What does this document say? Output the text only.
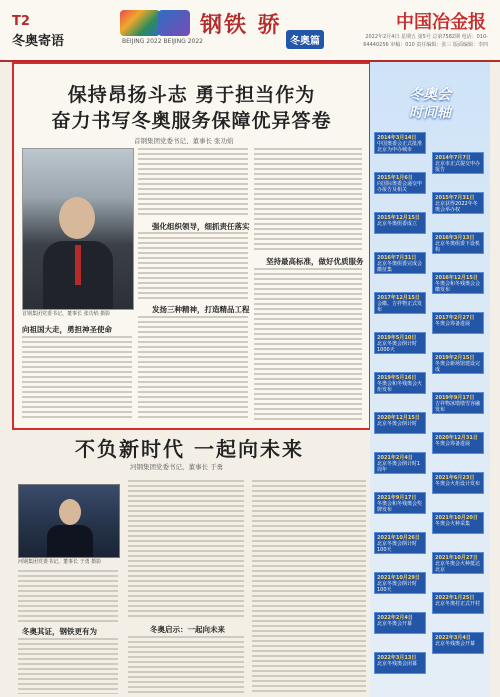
T2
冬奥寄语	BEIJING 2022 BEIJING 2022
钢铁 骄
冬奥篇
中国冶金报
2022年2月4日 星期五 第5号 总第7582期 电话：010-64440256 审稿：010 责任编辑：张三 版面编辑：李四
保持昂扬斗志 勇于担当作为
奋力书写冬奥服务保障优异答卷
首钢集团党委书记、董事长 张功焰
首钢集团党委书记、董事长 张功焰 摄影
向祖国大走，勇担神圣使命
强化组织领导，细抓责任落实
发扬三种精神，打造精品工程
坚持最高标准，做好优质服务
不负新时代 一起向未来
河钢集团党委书记、董事长 于勇
河钢集团党委书记、董事长 于勇 摄影
冬奥其证，钢铁更有为	冬奥启示：一起向未来
冬奥会
时间轴
2014年3月14日
中国奥委会正式批准北京为申办城市
2014年7月7日
北京市正式提交申办报告
2015年1月6日
向国际奥委会递交申办报告及相关
2015年7月31日
北京获得2022年冬奥会举办权
2015年12月15日
北京冬奥组委成立
2016年3月13日
北京冬奥组委下设机构
2016年7月31日
北京冬奥组委完成会徽征集
2016年12月15日
冬奥会和冬残奥会会徽发布
2017年12月15日
会徽、吉祥物正式发布
2017年2月27日
冬奥会筹备进展
2019年5月10日
北京冬奥会倒计时1000天
2019年2月15日
冬奥会新场馆建设完成
2019年5月16日
冬奥会和冬残奥会火炬发布
2019年9月17日
吉祥物冰墩墩雪容融发布
2020年12月15日
北京冬奥会倒计时
2020年12月31日
冬奥会筹备进展
2021年2月4日
北京冬奥会倒计时1周年
2021年6月23日
冬奥会火炬设计发布
2021年9月17日
冬奥会和冬残奥会奖牌发布
2021年10月20日
冬奥会火种采集
2021年10月26日
北京冬奥会倒计时100天
2021年10月27日
北京冬奥会火种抵达北京
2021年10月29日
北京冬奥会倒计时100天
2022年1月25日
北京冬奥村正式开村
2022年2月4日
北京冬奥会开幕
2022年3月4日
北京冬残奥会开幕
2022年3月13日
北京冬残奥会闭幕
